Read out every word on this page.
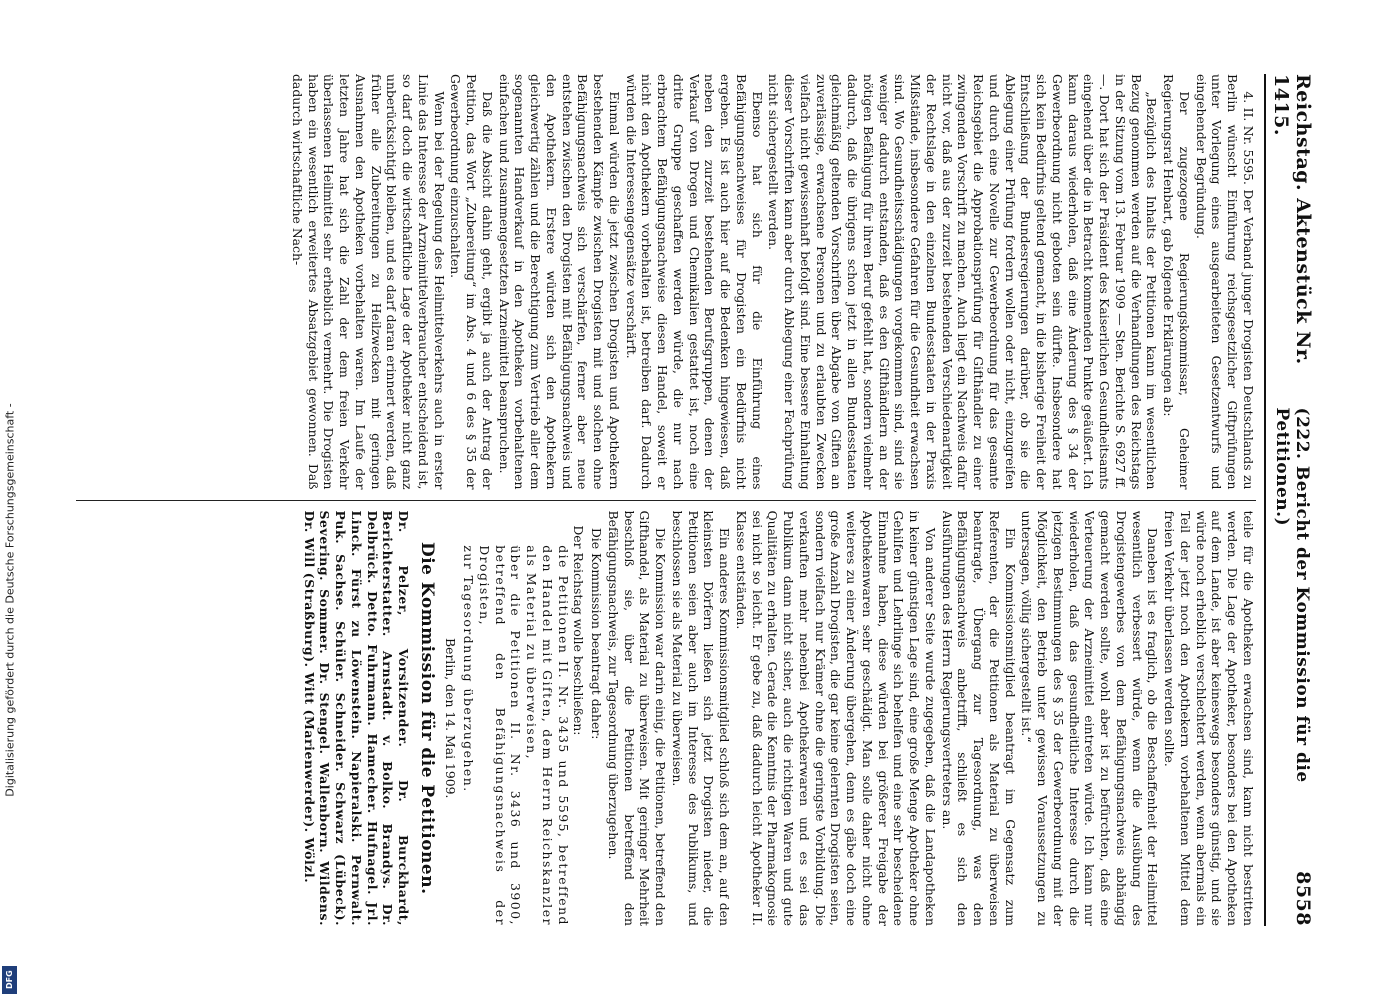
Digitalisierung gefördert durch die Deutsche Forschungsgemeinschaft -
DFG
Reichstag. Aktenstück Nr. 1415.
(222. Bericht der Kommission für die Petitionen.)
8558

4. II. Nr. 5595. Der Verband junger Drogisten Deutschlands zu Berlin wünscht Einführung reichsgesetzlicher Giftprüfungen unter Vorlegung eines ausgearbeiteten Gesetzentwurfs und eingehender Begründung.

Der zugezogene Regierungskommissar, Geheimer Regierungsrat Henbart, gab folgende Erklärungen ab:

„Bezüglich des Inhalts der Petitionen kann im wesentlichen Bezug genommen werden auf die Verhandlungen des Reichstags in der Sitzung vom 13. Februar 1909 — Sten. Berichte S. 6927 ff. —. Dort hat sich der Präsident des Kaiserlichen Gesundheitsamts eingehend über die in Betracht kommenden Punkte geäußert. Ich kann daraus wiederholen, daß eine Änderung des § 34 der Gewerbeordnung nicht geboten sein dürfte. Insbesondere hat sich kein Bedürfnis geltend gemacht, in die bisherige Freiheit der Entschließung der Bundesregierungen darüber, ob sie die Ablegung einer Prüfung fordern wollen oder nicht, einzugreifen und durch eine Novelle zur Gewerbeordnung für das gesamte Reichsgebiet die Approbationsprüfung für Gifthändler zu einer zwingenden Vorschrift zu machen. Auch liegt ein Nachweis dafür nicht vor, daß aus der zurzeit bestehenden Verschiedenartigkeit der Rechtslage in den einzelnen Bundesstaaten in der Praxis Mißstände, insbesondere Gefahren für die Gesundheit erwachsen sind. Wo Gesundheitsschädigungen vorgekommen sind, sind sie weniger dadurch entstanden, daß es den Gifthändlern an der nötigen Befähigung für ihren Beruf gefehlt hat, sondern vielmehr dadurch, daß die übrigens schon jetzt in allen Bundesstaaten gleichmäßig geltenden Vorschriften über Abgabe von Giften an zuverlässige, erwachsene Personen und zu erlaubten Zwecken vielfach nicht gewissenhaft befolgt sind. Eine bessere Einhaltung dieser Vorschriften kann aber durch Ablegung einer Fachprüfung nicht sichergestellt werden.

Ebenso hat sich für die Einführung eines Befähigungsnachweises für Drogisten ein Bedürfnis nicht ergeben. Es ist auch hier auf die Bedenken hingewiesen, daß neben den zurzeit bestehenden Berufsgruppen, denen der Verkauf von Drogen und Chemikalien gestattet ist, noch eine dritte Gruppe geschaffen werden würde, die nur nach erbrachtem Befähigungsnachweise diesen Handel, soweit er nicht den Apothekern vorbehalten ist, betreiben darf. Dadurch würden die Interessengegensätze verschärft.

Einmal würden die jetzt zwischen Drogisten und Apothekern bestehenden Kämpfe zwischen Drogisten mit und solchen ohne Befähigungsnachweis sich verschärfen, ferner aber neue entstehen zwischen den Drogisten mit Befähigungsnachweis und den Apothekern. Erstere würden sich den Apothekern gleichwertig zählen und die Berechtigung zum Vertrieb aller dem sogenannten Handverkauf in den Apotheken vorbehaltenen einfachen und zusammengesetzten Arzneimittel beanspruchen.

Daß die Absicht dahin geht, ergibt ja auch der Antrag der Petition, das Wort „Zubereitung“ im Abs. 4 und 6 des § 35 der Gewerbeordnung einzuschalten.

Wenn bei der Regelung des Heilmittelverkehrs auch in erster Linie das Interesse der Arzneimittelverbraucher entscheidend ist, so darf doch die wirtschaftliche Lage der Apotheker nicht ganz unberücksichtigt bleiben, und es darf daran erinnert werden, daß früher alle Zubereitungen zu Heilzwecken mit geringen Ausnahmen den Apotheken vorbehalten waren. Im Laufe der letzten Jahre hat sich die Zahl der dem freien Verkehr überlassenen Heilmittel sehr erheblich vermehrt. Die Drogisten haben ein wesentlich erweitertes Absatzgebiet gewonnen. Daß dadurch wirtschaftliche Nach-

teile für die Apotheken erwachsen sind, kann nicht bestritten werden. Die Lage der Apotheker, besonders bei den Apotheken auf dem Lande, ist aber keineswegs besonders günstig, und sie würde noch erheblich verschlechtert werden, wenn abermals ein Teil der jetzt noch den Apothekern vorbehaltenen Mittel dem freien Verkehr überlassen werden sollte.

Daneben ist es fraglich, ob die Beschaffenheit der Heilmittel wesentlich verbessert würde, wenn die Ausübung des Drogistengewerbes von dem Befähigungsnachweis abhängig gemacht werden sollte, wohl aber ist zu befürchten, daß eine Verteuerung der Arzneimittel eintreten würde. Ich kann nur wiederholen, daß das gesundheitliche Interesse durch die jetzigen Bestimmungen des § 35 der Gewerbeordnung mit der Möglichkeit, den Betrieb unter gewissen Voraussetzungen zu untersagen, völlig sichergestellt ist.“

Ein Kommissionsmitglied beantragt im Gegensatz zum Referenten, der die Petitionen als Material zu überweisen beantragte, Übergang zur Tagesordnung, was den Befähigungsnachweis anbetrifft, schließt es sich den Ausführungen des Herrn Regierungsvertreters an.

Von anderer Seite wurde zugegeben, daß die Landapotheken in keiner günstigen Lage sind, eine große Menge Apotheker ohne Gehilfen und Lehrlinge sich behelfen und eine sehr bescheidene Einnahme haben, diese würden bei größerer Freigabe der Apothekenwaren sehr geschädigt. Man solle daher nicht ohne weiteres zu einer Änderung übergehen, denn es gäbe doch eine große Anzahl Drogisten, die gar keine gelernten Drogisten seien, sondern vielfach nur Krämer ohne die geringste Vorbildung. Die verkauften mehr nebenbei Apothekerwaren und es sei das Publikum dann nicht sicher, auch die richtigen Waren und gute Qualitäten zu erhalten. Gerade die Kenntnis der Pharmakognosie sei nicht so leicht. Er gebe zu, daß dadurch leicht Apotheker II. Klasse entständen.

Ein anderes Kommissionsmitglied schloß sich dem an, auf den kleinsten Dörfern ließen sich jetzt Drogisten nieder, die Petitionen seien aber auch im Interesse des Publikums, und beschlossen sie als Material zu überweisen.

Die Kommission war darin einig, die Petitionen, betreffend den Gifthandel, als Material zu überweisen. Mit geringer Mehrheit beschloß sie, über die Petitionen betreffend den Befähigungsnachweis, zur Tagesordnung überzugehen.

Die Kommission beantragt daher:

Der Reichstag wolle beschließen:

die Petitionen II. Nr. 3435 und 5595, betreffend den Handel mit Giften, dem Herrn Reichskanzler als Material zu überweisen,

über die Petitionen II. Nr. 3436 und 3900, betreffend den Befähigungsnachweis der Drogisten,

zur Tagesordnung überzugehen.

Berlin, den 14. Mai 1909.

Die Kommission für die Petitionen.

Dr. Pelzer, Vorsitzender. Dr. Burckhardt, Berichterstatter. Arnstadt. v. Bolko. Brandys. Dr. Delbrück. Detto. Fuhrmann. Hamecher. Hufnagel. Jrl. Linck. Fürst zu Löwenstein. Napieralski. Pernwalt. Puk. Sachse. Schüler. Schneider. Schwarz (Lübeck). Severing. Sommer. Dr. Stengel. Wallenborn. Wildens. Dr. Will (Straßburg). Witt (Marienwerder). Wölzl.
